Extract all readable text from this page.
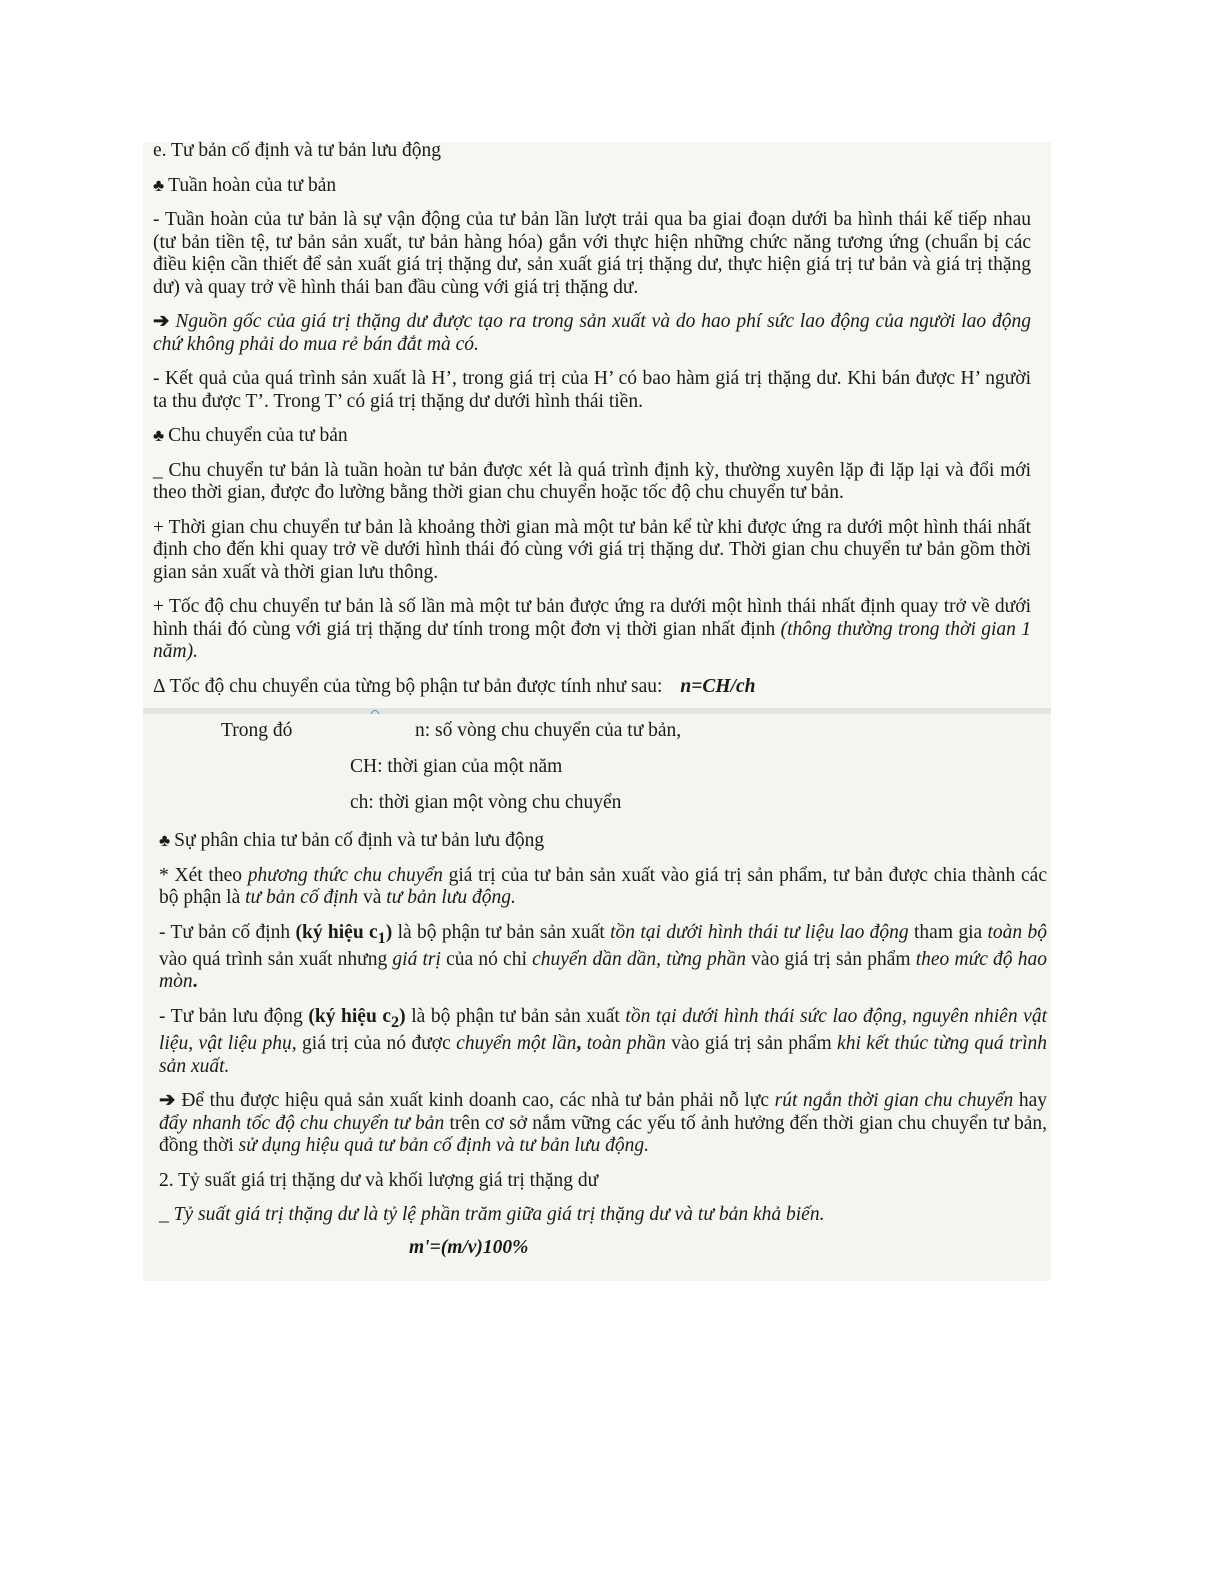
e. Tư bản cố định và tư bản lưu động

♣ Tuần hoàn của tư bản

- Tuần hoàn của tư bản là sự vận động của tư bản lần lượt trải qua ba giai đoạn dưới ba hình thái kế tiếp nhau (tư bản tiền tệ, tư bản sản xuất, tư bản hàng hóa) gắn với thực hiện những chức năng tương ứng (chuẩn bị các điều kiện cần thiết để sản xuất giá trị thặng dư, sản xuất giá trị thặng dư, thực hiện giá trị tư bản và giá trị thặng dư) và quay trở về hình thái ban đầu cùng với giá trị thặng dư.

➔ Nguồn gốc của giá trị thặng dư được tạo ra trong sản xuất và do hao phí sức lao động của người lao động chứ không phải do mua rẻ bán đắt mà có.

- Kết quả của quá trình sản xuất là H’, trong giá trị của H’ có bao hàm giá trị thặng dư. Khi bán được H’ người ta thu được T’. Trong T’ có giá trị thặng dư dưới hình thái tiền.

♣ Chu chuyển của tư bản

_ Chu chuyển tư bản là tuần hoàn tư bản được xét là quá trình định kỳ, thường xuyên lặp đi lặp lại và đổi mới theo thời gian, được đo lường bằng thời gian chu chuyển hoặc tốc độ chu chuyển tư bản.

+ Thời gian chu chuyển tư bản là khoảng thời gian mà một tư bản kể từ khi được ứng ra dưới một hình thái nhất định cho đến khi quay trở về dưới hình thái đó cùng với giá trị thặng dư. Thời gian chu chuyển tư bản gồm thời gian sản xuất và thời gian lưu thông.

+ Tốc độ chu chuyển tư bản là số lần mà một tư bản được ứng ra dưới một hình thái nhất định quay trở về dưới hình thái đó cùng với giá trị thặng dư tính trong một đơn vị thời gian nhất định (thông thường trong thời gian 1 năm).

Δ Tốc độ chu chuyển của từng bộ phận tư bản được tính như sau: n=CH/ch

Trong đó	n: số vòng chu chuyển của tư bản,
CH: thời gian của một năm
ch: thời gian một vòng chu chuyển

♣ Sự phân chia tư bản cố định và tư bản lưu động

* Xét theo phương thức chu chuyển giá trị của tư bản sản xuất vào giá trị sản phẩm, tư bản được chia thành các bộ phận là tư bản cố định và tư bản lưu động.

- Tư bản cố định (ký hiệu $c_1$) là bộ phận tư bản sản xuất tồn tại dưới hình thái tư liệu lao động tham gia toàn bộ vào quá trình sản xuất nhưng giá trị của nó chỉ chuyển dần dần, từng phần vào giá trị sản phẩm theo mức độ hao mòn.

- Tư bản lưu động (ký hiệu $c_2$) là bộ phận tư bản sản xuất tồn tại dưới hình thái sức lao động, nguyên nhiên vật liệu, vật liệu phụ, giá trị của nó được chuyển một lần, toàn phần vào giá trị sản phẩm khi kết thúc từng quá trình sản xuất.

➔ Để thu được hiệu quả sản xuất kinh doanh cao, các nhà tư bản phải nỗ lực rút ngắn thời gian chu chuyển hay đẩy nhanh tốc độ chu chuyển tư bản trên cơ sở nắm vững các yếu tố ảnh hưởng đến thời gian chu chuyển tư bản, đồng thời sử dụng hiệu quả tư bản cố định và tư bản lưu động.

2. Tỷ suất giá trị thặng dư và khối lượng giá trị thặng dư

_ Tỷ suất giá trị thặng dư là tỷ lệ phần trăm giữa giá trị thặng dư và tư bản khả biến.

m'=(m/v)100%
